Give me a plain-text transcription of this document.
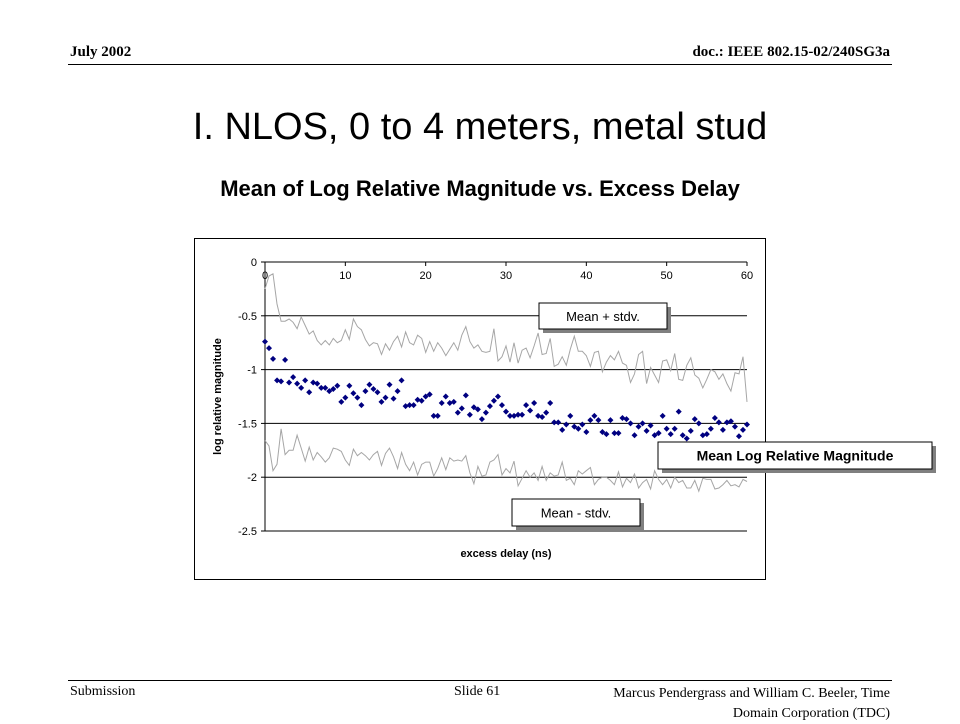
July 2002	doc.: IEEE 802.15-02/240SG3a
I. NLOS, 0 to 4 meters, metal stud
Mean of Log Relative Magnitude vs. Excess Delay
0
-0.5
-1
-1.5
-2
-2.5
0	10	20	30	40	50	60
excess delay (ns)
log relative magnitude
Mean + stdv.
Mean Log Relative Magnitude
Mean - stdv.
Submission	Slide 61	Marcus Pendergrass and William C. Beeler, Time
Domain Corporation (TDC)
